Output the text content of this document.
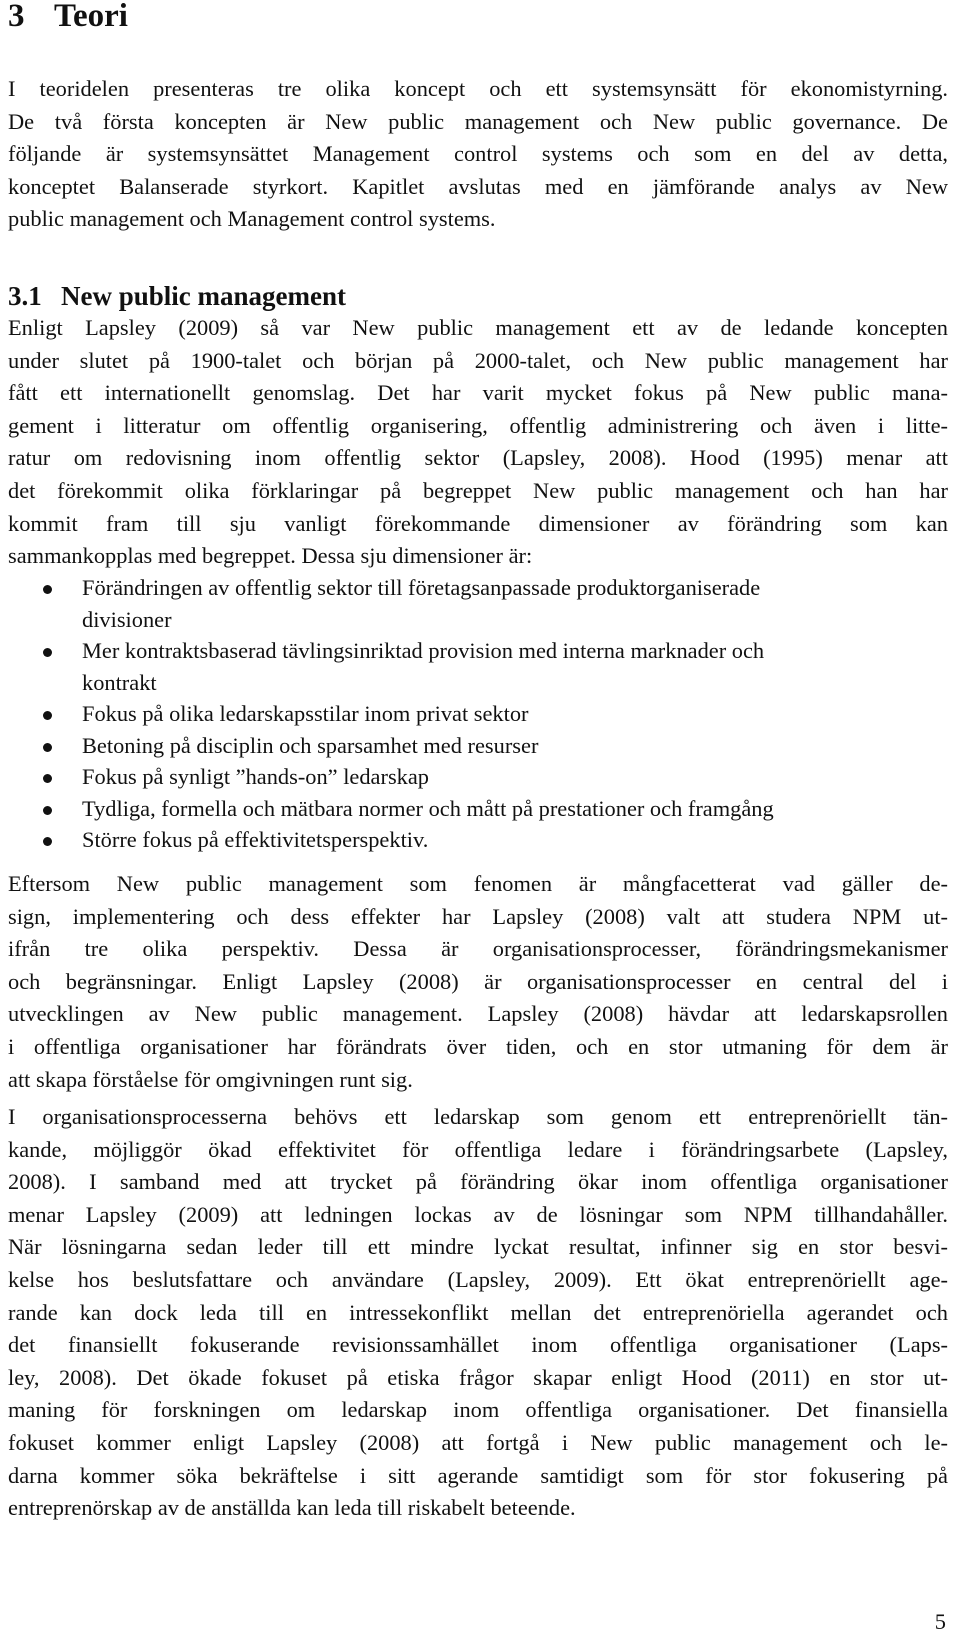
3 Teori

I teoridelen presenteras tre olika koncept och ett systemsynsätt för ekonomistyrning.
De två första koncepten är New public management och New public governance. De
följande är systemsynsättet Management control systems och som en del av detta,
konceptet Balanserade styrkort. Kapitlet avslutas med en jämförande analys av New
public management och Management control systems.

3.1 New public management

Enligt Lapsley (2009) så var New public management ett av de ledande koncepten
under slutet på 1900-talet och början på 2000-talet, och New public management har
fått ett internationellt genomslag. Det har varit mycket fokus på New public mana-
gement i litteratur om offentlig organisering, offentlig administrering och även i litte-
ratur om redovisning inom offentlig sektor (Lapsley, 2008). Hood (1995) menar att
det förekommit olika förklaringar på begreppet New public management och han har
kommit fram till sju vanligt förekommande dimensioner av förändring som kan
sammankopplas med begreppet. Dessa sju dimensioner är:

Förändringen av offentlig sektor till företagsanpassade produktorganiserade
divisioner
Mer kontraktsbaserad tävlingsinriktad provision med interna marknader och
kontrakt
Fokus på olika ledarskapsstilar inom privat sektor
Betoning på disciplin och sparsamhet med resurser
Fokus på synligt ”hands-on” ledarskap
Tydliga, formella och mätbara normer och mått på prestationer och framgång
Större fokus på effektivitetsperspektiv.

Eftersom New public management som fenomen är mångfacetterat vad gäller de-
sign, implementering och dess effekter har Lapsley (2008) valt att studera NPM ut-
ifrån tre olika perspektiv. Dessa är organisationsprocesser, förändringsmekanismer
och begränsningar. Enligt Lapsley (2008) är organisationsprocesser en central del i
utvecklingen av New public management. Lapsley (2008) hävdar att ledarskapsrollen
i offentliga organisationer har förändrats över tiden, och en stor utmaning för dem är
att skapa förståelse för omgivningen runt sig.

I organisationsprocesserna behövs ett ledarskap som genom ett entreprenöriellt tän-
kande, möjliggör ökad effektivitet för offentliga ledare i förändringsarbete (Lapsley,
2008). I samband med att trycket på förändring ökar inom offentliga organisationer
menar Lapsley (2009) att ledningen lockas av de lösningar som NPM tillhandahåller.
När lösningarna sedan leder till ett mindre lyckat resultat, infinner sig en stor besvi-
kelse hos beslutsfattare och användare (Lapsley, 2009). Ett ökat entreprenöriellt age-
rande kan dock leda till en intressekonflikt mellan det entreprenöriella agerandet och
det finansiellt fokuserande revisionssamhället inom offentliga organisationer (Laps-
ley, 2008). Det ökade fokuset på etiska frågor skapar enligt Hood (2011) en stor ut-
maning för forskningen om ledarskap inom offentliga organisationer. Det finansiella
fokuset kommer enligt Lapsley (2008) att fortgå i New public management och le-
darna kommer söka bekräftelse i sitt agerande samtidigt som för stor fokusering på
entreprenörskap av de anställda kan leda till riskabelt beteende.

5
